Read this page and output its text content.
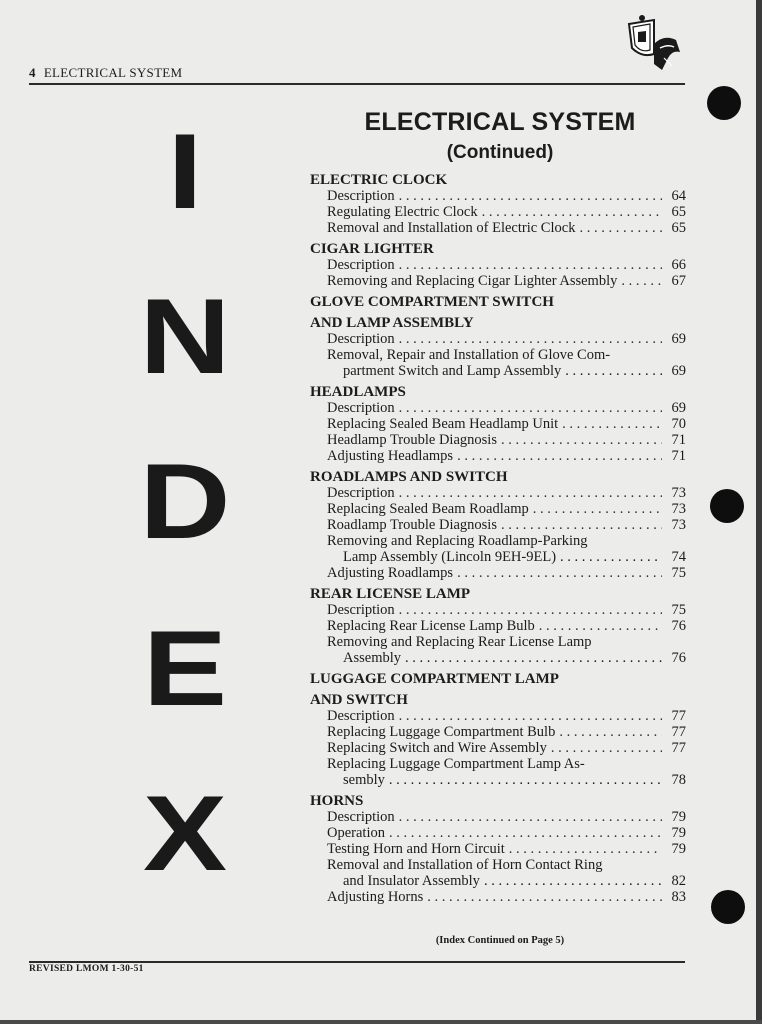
4 ELECTRICAL SYSTEM
I
N
D
E
X
ELECTRICAL SYSTEM
(Continued)
ELECTRIC CLOCK
Description . . .	64
Regulating Electric Clock . . .	65
Removal and Installation of Electric Clock . . .	65
CIGAR LIGHTER
Description . . .	66
Removing and Replacing Cigar Lighter Assembly . . .	67
GLOVE COMPARTMENT SWITCH
AND LAMP ASSEMBLY
Description . . .	69
Removal, Repair and Installation of Glove Com-
partment Switch and Lamp Assembly . . .	69
HEADLAMPS
Description . . .	69
Replacing Sealed Beam Headlamp Unit . . .	70
Headlamp Trouble Diagnosis . . .	71
Adjusting Headlamps . . .	71
ROADLAMPS AND SWITCH
Description . . .	73
Replacing Sealed Beam Roadlamp . . .	73
Roadlamp Trouble Diagnosis . . .	73
Removing and Replacing Roadlamp-Parking
Lamp Assembly (Lincoln 9EH-9EL) . . .	74
Adjusting Roadlamps . . .	75
REAR LICENSE LAMP
Description . . .	75
Replacing Rear License Lamp Bulb . . .	76
Removing and Replacing Rear License Lamp
Assembly . . .	76
LUGGAGE COMPARTMENT LAMP
AND SWITCH
Description . . .	77
Replacing Luggage Compartment Bulb . . .	77
Replacing Switch and Wire Assembly . . .	77
Replacing Luggage Compartment Lamp As-
sembly . . .	78
HORNS
Description . . .	79
Operation . . .	79
Testing Horn and Horn Circuit . . .	79
Removal and Installation of Horn Contact Ring
and Insulator Assembly . . .	82
Adjusting Horns . . .	83
(Index Continued on Page 5)
REVISED LMOM 1-30-51
